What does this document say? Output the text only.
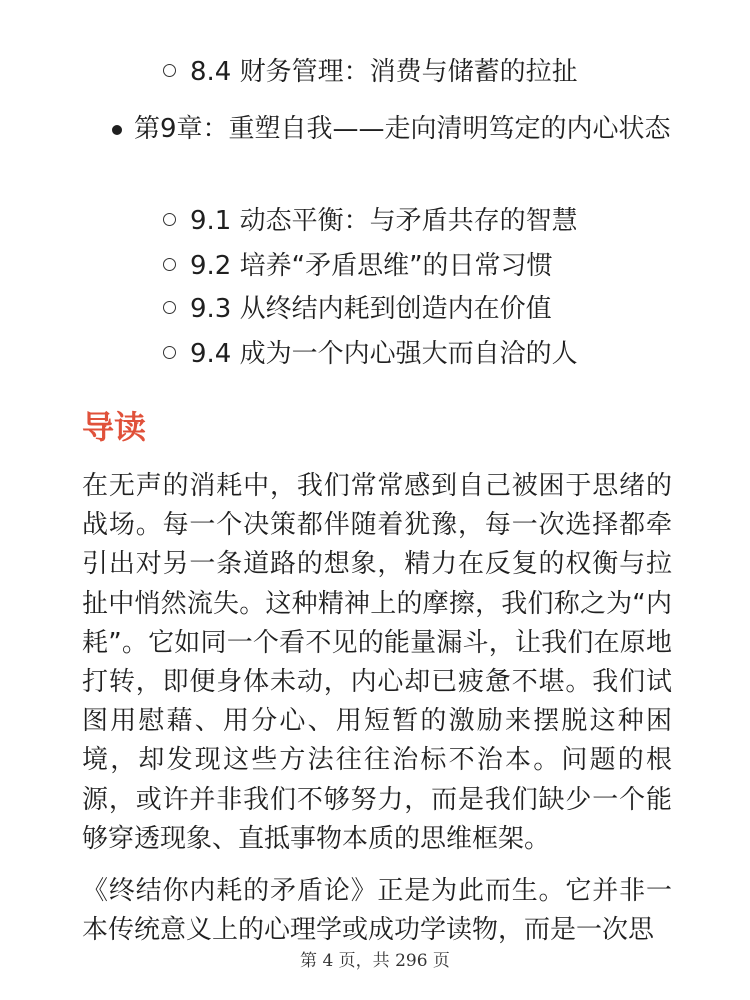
8.4 财务管理：消费与储蓄的拉扯
第9章：重塑自我——走向清明笃定的内心状态
9.1 动态平衡：与矛盾共存的智慧
9.2 培养“矛盾思维”的日常习惯
9.3 从终结内耗到创造内在价值
9.4 成为一个内心强大而自洽的人
导读

在无声的消耗中，我们常常感到自己被困于思绪的战场。每一个决策都伴随着犹豫，每一次选择都牵引出对另一条道路的想象，精力在反复的权衡与拉扯中悄然流失。这种精神上的摩擦，我们称之为“内耗”。它如同一个看不见的能量漏斗，让我们在原地打转，即便身体未动，内心却已疲惫不堪。我们试图用慰藉、用分心、用短暂的激励来摆脱这种困境，却发现这些方法往往治标不治本。问题的根源，或许并非我们不够努力，而是我们缺少一个能够穿透现象、直抵事物本质的思维框架。

《终结你内耗的矛盾论》正是为此而生。它并非一本传统意义上的心理学或成功学读物，而是一次思

第 4 页，共 296 页
